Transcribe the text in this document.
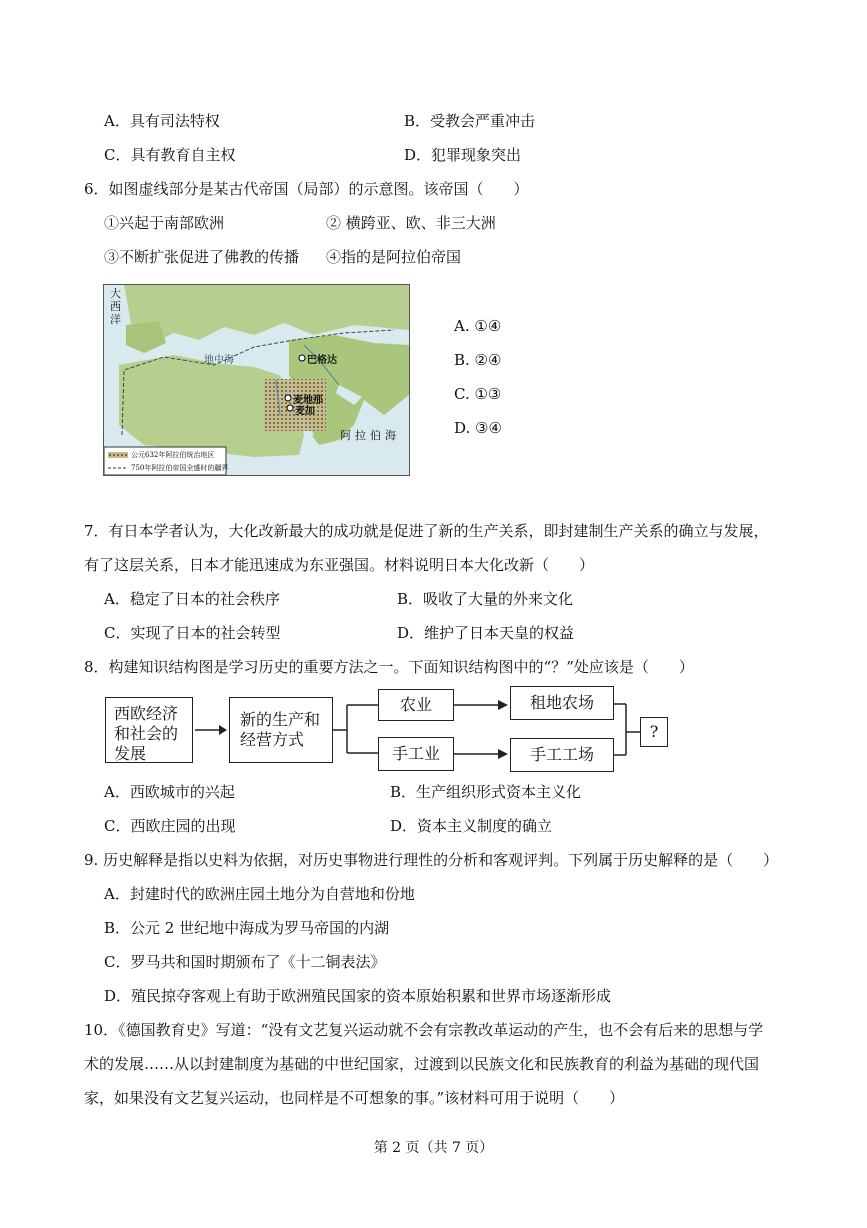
A．具有司法特权	B．受教会严重冲击
C．具有教育自主权	D．犯罪现象突出
6．如图虚线部分是某古代帝国（局部）的示意图。该帝国（　　）
①兴起于南部欧洲	② 横跨亚、欧、非三大洲
③不断扩张促进了佛教的传播 ④指的是阿拉伯帝国
大西洋
地中海
阿拉伯海
巴格达
麦地那
麦加
公元632年阿拉伯统治地区
750年阿拉伯帝国全盛时的疆界
A. ①④
B. ②④
C. ①③
D. ③④
7．有日本学者认为，大化改新最大的成功就是促进了新的生产关系，即封建制生产关系的确立与发展，
有了这层关系，日本才能迅速成为东亚强国。材料说明日本大化改新（　　）
A．稳定了日本的社会秩序	B．吸收了大量的外来文化
C．实现了日本的社会转型	D．维护了日本天皇的权益
8．构建知识结构图是学习历史的重要方法之一。下面知识结构图中的“？”处应该是（　　）
西欧经济和社会的发展
新的生产和经营方式
农业
手工业
租地农场
手工工场
?
A．西欧城市的兴起	B．生产组织形式资本主义化
C．西欧庄园的出现	D．资本主义制度的确立
9. 历史解释是指以史料为依据，对历史事物进行理性的分析和客观评判。下列属于历史解释的是（　　）
A．封建时代的欧洲庄园土地分为自营地和份地
B．公元 2 世纪地中海成为罗马帝国的内湖
C．罗马共和国时期颁布了《十二铜表法》
D．殖民掠夺客观上有助于欧洲殖民国家的资本原始积累和世界市场逐渐形成
10．《德国教育史》写道：“没有文艺复兴运动就不会有宗教改革运动的产生，也不会有后来的思想与学
术的发展……从以封建制度为基础的中世纪国家，过渡到以民族文化和民族教育的利益为基础的现代国
家，如果没有文艺复兴运动，也同样是不可想象的事。”该材料可用于说明（　　）
第 2 页（共 7 页）
